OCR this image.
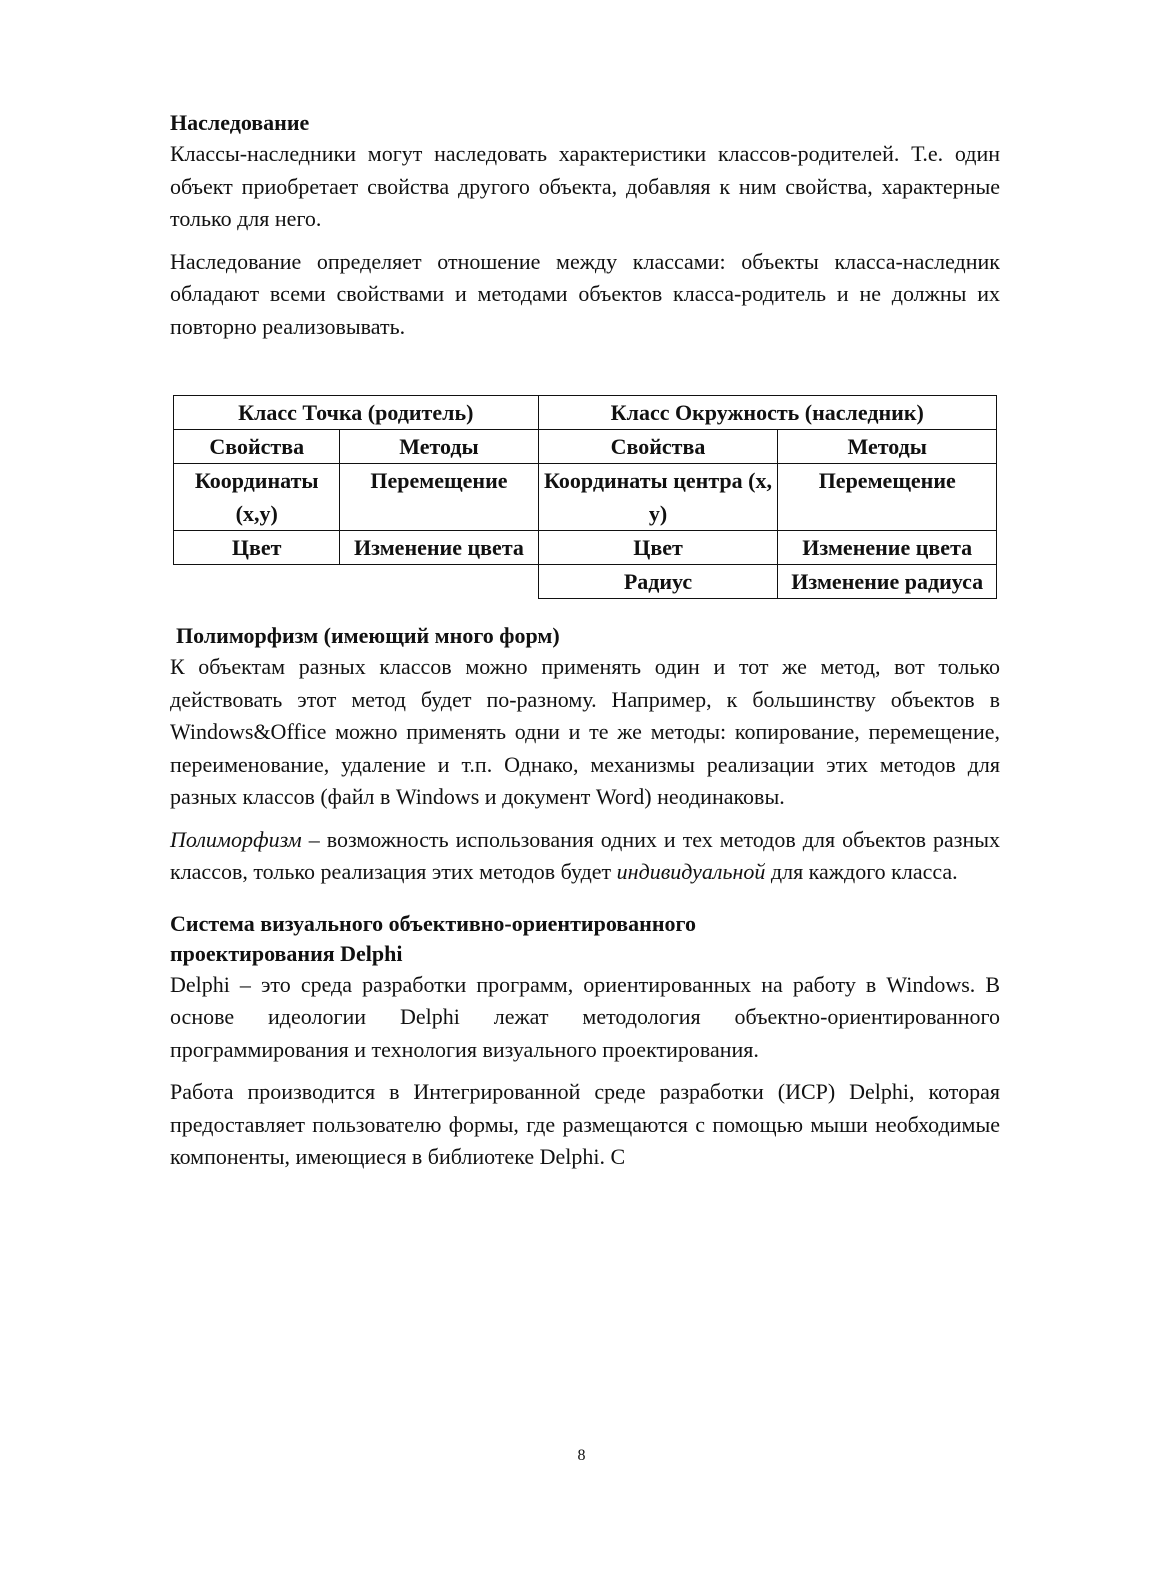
Наследование

Классы-наследники могут наследовать характеристики классов-родителей. Т.е. один объект приобретает свойства другого объекта, добавляя к ним свойства, характерные только для него.

Наследование определяет отношение между классами: объекты класса-наследник обладают всеми свойствами и методами объектов класса-родитель и не должны их повторно реализовывать.

Класс Точка (родитель)		Класс Окружность (наследник)	
Свойства	Методы	Свойства	Методы
Координаты (x,y)	Перемещение	Координаты центра (x, y)	Перемещение
Цвет	Изменение цвета	Цвет	Изменение цвета
		Радиус	Изменение радиуса
Полиморфизм (имеющий много форм)

К объектам разных классов можно применять один и тот же метод, вот только действовать этот метод будет по-разному. Например, к большинству объектов в Windows&Office можно применять одни и те же методы: копирование, перемещение, переименование, удаление и т.п. Однако, механизмы реализации этих методов для разных классов (файл в Windows и документ Word) неодинаковы.

Полиморфизм – возможность использования одних и тех методов для объектов разных классов, только реализация этих методов будет индивидуальной для каждого класса.

Система визуального объективно-ориентированного
проектирования Delphi

Delphi – это среда разработки программ, ориентированных на работу в Windows. В основе идеологии Delphi лежат методология объектно-ориентированного программирования и технология визуального проектирования.

Работа производится в Интегрированной среде разработки (ИСР) Delphi, которая предоставляет пользователю формы, где размещаются с помощью мыши необходимые компоненты, имеющиеся в библиотеке Delphi. С

8
